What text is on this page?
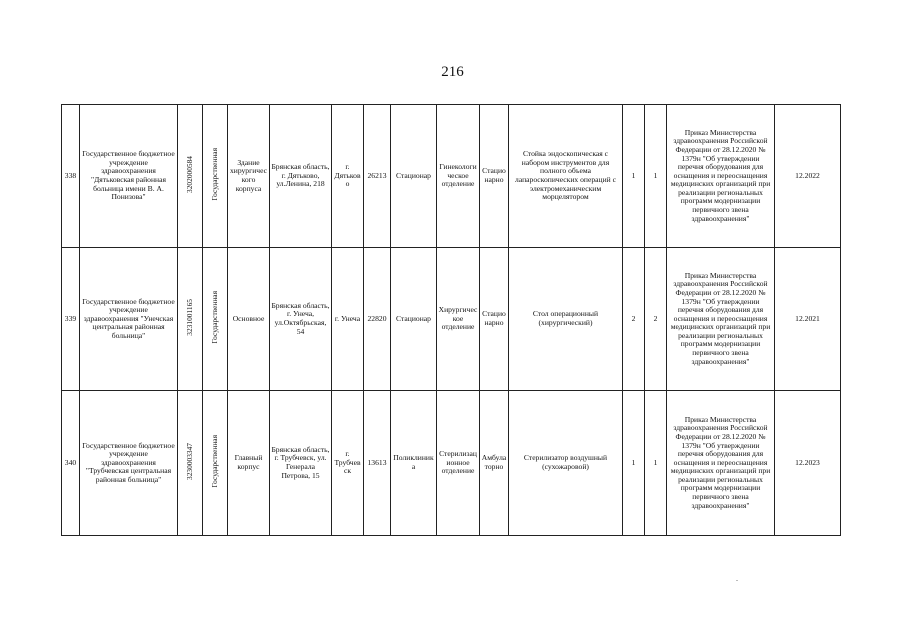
216
338	Государственное бюджетное учреждение здравоохранения "Дятьковская районная больница имени В. А. Понизова"	3202000584	Государственная	Здание хирургического корпуса	Брянская область, г. Дятьково, ул.Ленина, 218	г. Дятьково	26213	Стационар	Гинекологическое отделение	Стационарно	Стойка эндоскопическая с набором инструментов для полного объема лапароскопических операций с электромеханическим морцелятором	1	1	Приказ Министерства здравоохранения Российской Федерации от 28.12.2020 № 1379н "Об утверждении перечня оборудования для оснащения и переоснащения медицинских организаций при реализации региональных программ модернизации первичного звена здравоохранения"	12.2022
339	Государственное бюджетное учреждение здравоохранения "Унечская центральная районная больница"	3231001165	Государственная	Основное	Брянская область, г. Унеча, ул.Октябрьская, 54	г. Унеча	22820	Стационар	Хирургическое отделение	Стационарно	Стол операционный (хирургический)	2	2	Приказ Министерства здравоохранения Российской Федерации от 28.12.2020 № 1379н "Об утверждении перечня оборудования для оснащения и переоснащения медицинских организаций при реализации региональных программ модернизации первичного звена здравоохранения"	12.2021
340	Государственное бюджетное учреждение здравоохранения "Трубчевская центральная районная больница"	3230003347	Государственная	Главный корпус	Брянская область, г. Трубчевск, ул. Генерала Петрова, 15	г. Трубчевск	13613	Поликлиника	Стерилизационное отделение	Амбулаторно	Стерилизатор воздушный (сухожаровой)	1	1	Приказ Министерства здравоохранения Российской Федерации от 28.12.2020 № 1379н "Об утверждении перечня оборудования для оснащения и переоснащения медицинских организаций при реализации региональных программ модернизации первичного звена здравоохранения"	12.2023
